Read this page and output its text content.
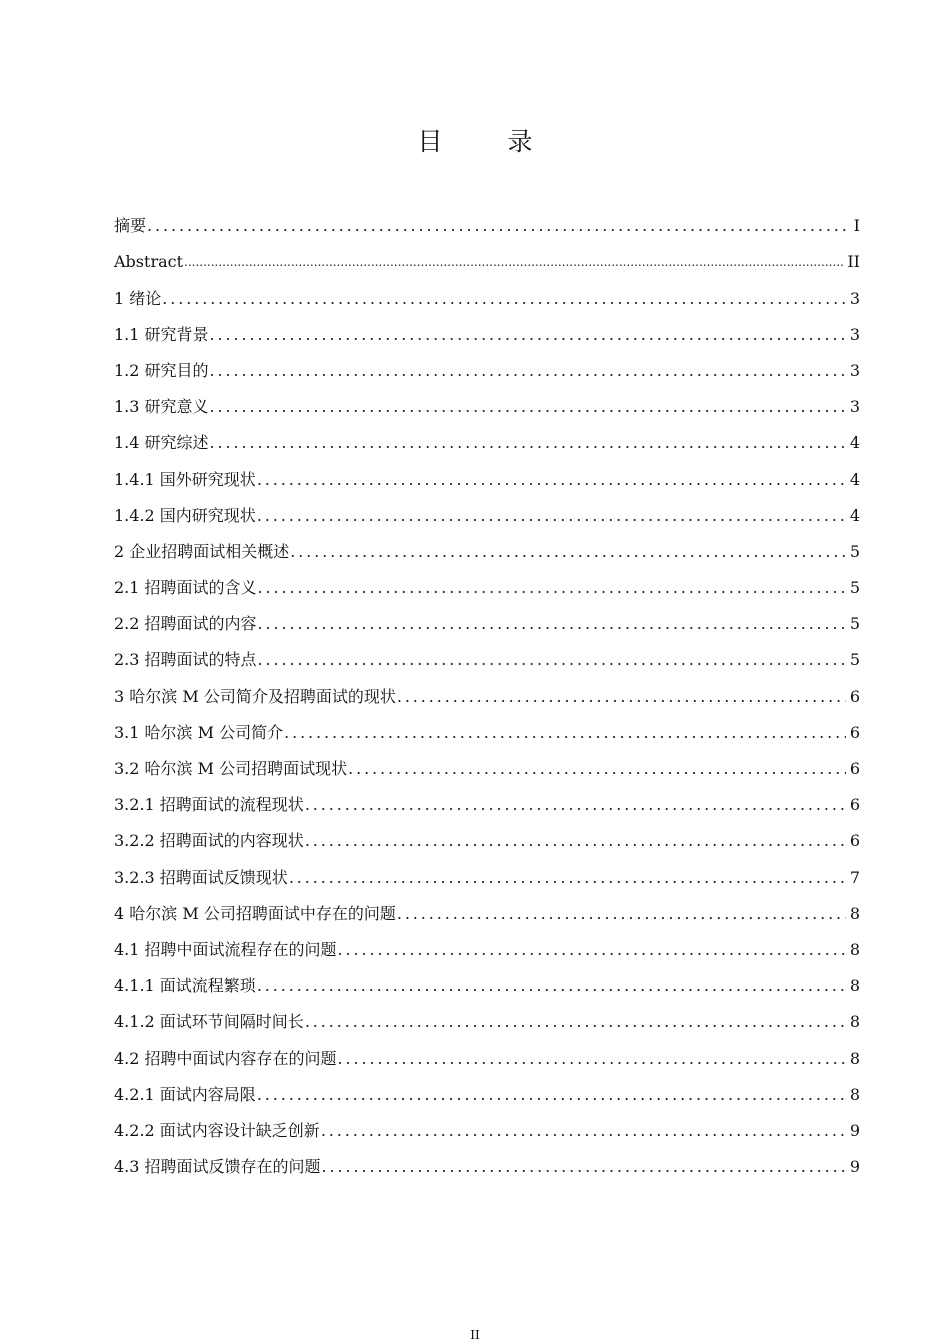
目　录
摘要 .....	I
Abstract .....	II
1 绪论 .....	3
1.1 研究背景 .....	3
1.2 研究目的 .....	3
1.3 研究意义 .....	3
1.4 研究综述 .....	4
1.4.1 国外研究现状 .....	4
1.4.2 国内研究现状 .....	4
2 企业招聘面试相关概述 .....	5
2.1 招聘面试的含义 .....	5
2.2 招聘面试的内容 .....	5
2.3 招聘面试的特点 .....	5
3 哈尔滨 M 公司简介及招聘面试的现状 .....	6
3.1 哈尔滨 M 公司简介 .....	6
3.2 哈尔滨 M 公司招聘面试现状 .....	6
3.2.1 招聘面试的流程现状 .....	6
3.2.2 招聘面试的内容现状 .....	6
3.2.3 招聘面试反馈现状 .....	7
4 哈尔滨 M 公司招聘面试中存在的问题 .....	8
4.1 招聘中面试流程存在的问题 .....	8
4.1.1 面试流程繁琐 .....	8
4.1.2 面试环节间隔时间长 .....	8
4.2 招聘中面试内容存在的问题 .....	8
4.2.1 面试内容局限 .....	8
4.2.2 面试内容设计缺乏创新 .....	9
4.3 招聘面试反馈存在的问题 .....	9
II
